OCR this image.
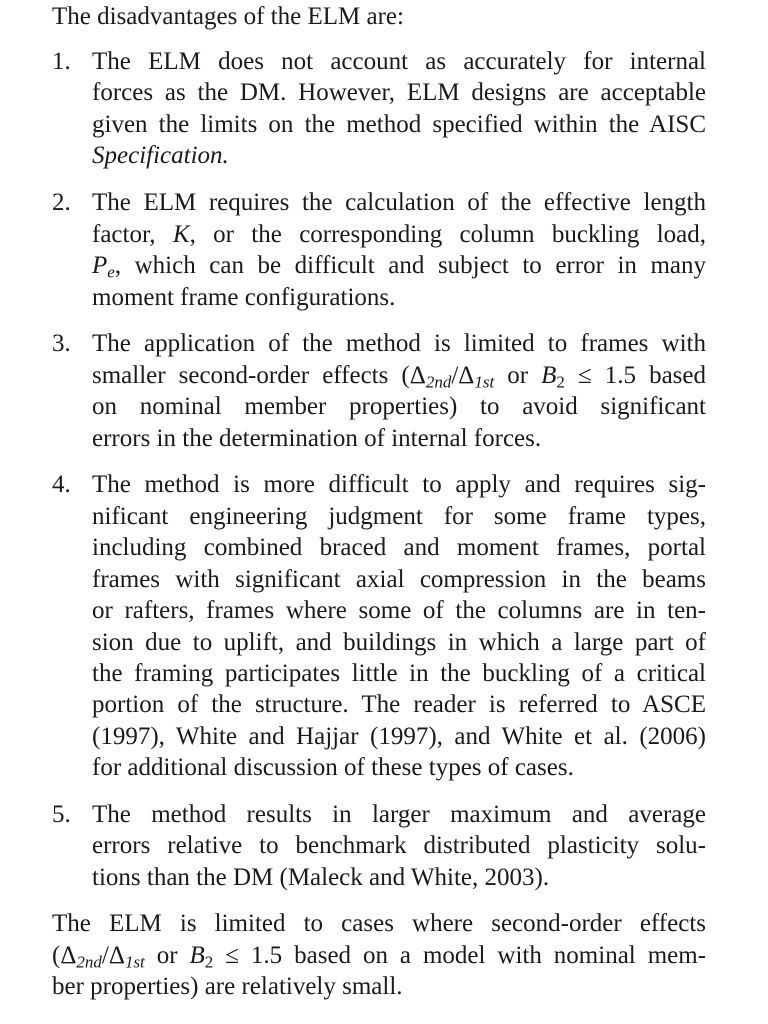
The disadvantages of the ELM are:
1. The ELM does not account as accurately for internal
forces as the DM. However, ELM designs are acceptable
given the limits on the method specified within the AISC
Specification.
2. The ELM requires the calculation of the effective length
factor, K, or the corresponding column buckling load,
$P_e$, which can be difficult and subject to error in many
moment frame configurations.
3. The application of the method is limited to frames with
smaller second-order effects ($\Delta_{2nd}/\Delta_{1st}$ or $B_2 \le 1.5$ based
on nominal member properties) to avoid significant
errors in the determination of internal forces.
4. The method is more difficult to apply and requires sig-
nificant engineering judgment for some frame types,
including combined braced and moment frames, portal
frames with significant axial compression in the beams
or rafters, frames where some of the columns are in ten-
sion due to uplift, and buildings in which a large part of
the framing participates little in the buckling of a critical
portion of the structure. The reader is referred to ASCE
(1997), White and Hajjar (1997), and White et al. (2006)
for additional discussion of these types of cases.
5. The method results in larger maximum and average
errors relative to benchmark distributed plasticity solu-
tions than the DM (Maleck and White, 2003).
The ELM is limited to cases where second-order effects
($\Delta_{2nd}/\Delta_{1st}$ or $B_2 \le 1.5$ based on a model with nominal mem-
ber properties) are relatively small.
